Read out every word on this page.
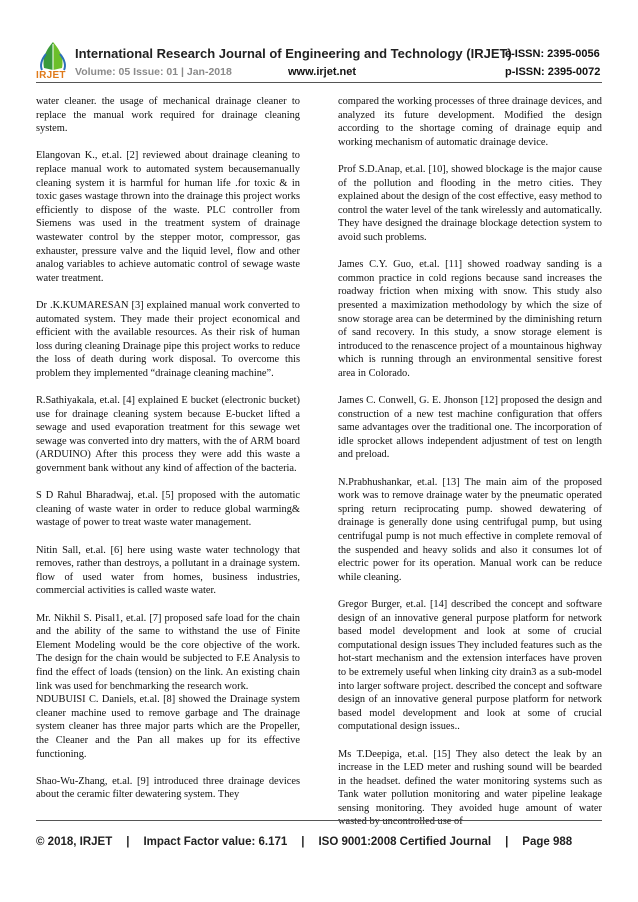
IRJET
International Research Journal of Engineering and Technology (IRJET)
e-ISSN: 2395-0056
Volume: 05 Issue: 01 | Jan-2018	www.irjet.net	p-ISSN: 2395-0072

water cleaner. the usage of mechanical drainage cleaner to replace the manual work required for drainage cleaning system.

Elangovan K., et.al. [2] reviewed about drainage cleaning to replace manual work to automated system becausemanually cleaning system it is harmful for human life .for toxic & in toxic gases wastage thrown into the drainage this project works efficiently to dispose of the waste. PLC controller from Siemens was used in the treatment system of drainage wastewater control by the stepper motor, compressor, gas exhauster, pressure valve and the liquid level, flow and other analog variables to achieve automatic control of sewage waste water treatment.

Dr .K.KUMARESAN [3] explained manual work converted to automated system. They made their project economical and efficient with the available resources. As their risk of human loss during cleaning Drainage pipe this project works to reduce the loss of death during work disposal. To overcome this problem they implemented “drainage cleaning machine”.

R.Sathiyakala, et.al. [4] explained E bucket (electronic bucket) use for drainage cleaning system because E-bucket lifted a sewage and used evaporation treatment for this sewage wet sewage was converted into dry matters, with the of ARM board (ARDUINO) After this process they were add this waste a government bank without any kind of affection of the bacteria.

S D Rahul Bharadwaj, et.al. [5] proposed with the automatic cleaning of waste water in order to reduce global warming& wastage of power to treat waste water management.

Nitin Sall, et.al. [6] here using waste water technology that removes, rather than destroys, a pollutant in a drainage system. flow of used water from homes, business industries, commercial activities is called waste water.

Mr. Nikhil S. Pisal1, et.al. [7] proposed safe load for the chain and the ability of the same to withstand the use of Finite Element Modeling would be the core objective of the work. The design for the chain would be subjected to F.E Analysis to find the effect of loads (tension) on the link. An existing chain link was used for benchmarking the research work.

NDUBUISI C. Daniels, et.al. [8] showed the Drainage system cleaner machine used to remove garbage and The drainage system cleaner has three major parts which are the Propeller, the Cleaner and the Pan all makes up for its effective functioning.

Shao-Wu-Zhang, et.al. [9] introduced three drainage devices about the ceramic filter dewatering system. They

compared the working processes of three drainage devices, and analyzed its future development. Modified the design according to the shortage coming of drainage equip and working mechanism of automatic drainage device.

Prof S.D.Anap, et.al. [10], showed blockage is the major cause of the pollution and flooding in the metro cities. They explained about the design of the cost effective, easy method to control the water level of the tank wirelessly and automatically. They have designed the drainage blockage detection system to avoid such problems.

James C.Y. Guo, et.al. [11] showed roadway sanding is a common practice in cold regions because sand increases the roadway friction when mixing with snow. This study also presented a maximization methodology by which the size of snow storage area can be determined by the diminishing return of sand recovery. In this study, a snow storage element is introduced to the renascence project of a mountainous highway which is running through an environmental sensitive forest area in Colorado.

James C. Conwell, G. E. Jhonson [12] proposed the design and construction of a new test machine configuration that offers same advantages over the traditional one. The incorporation of idle sprocket allows independent adjustment of test on length and preload.

N.Prabhushankar, et.al. [13] The main aim of the proposed work was to remove drainage water by the pneumatic operated spring return reciprocating pump. showed dewatering of drainage is generally done using centrifugal pump, but using centrifugal pump is not much effective in complete removal of the suspended and heavy solids and also it consumes lot of electric power for its operation. Manual work can be reduce while cleaning.

Gregor Burger, et.al. [14] described the concept and software design of an innovative general purpose platform for network based model development and look at some of crucial computational design issues They included features such as the hot-start mechanism and the extension interfaces have proven to be extremely useful when linking city drain3 as a sub-model into larger software project. described the concept and software design of an innovative general purpose platform for network based model development and look at some of crucial computational design issues..

Ms T.Deepiga, et.al. [15] They also detect the leak by an increase in the LED meter and rushing sound will be bearded in the headset. defined the water monitoring systems such as Tank water pollution monitoring and water pipeline leakage sensing monitoring. They avoided huge amount of water wasted by uncontrolled use of

© 2018, IRJET | Impact Factor value: 6.171 | ISO 9001:2008 Certified Journal | Page 988
